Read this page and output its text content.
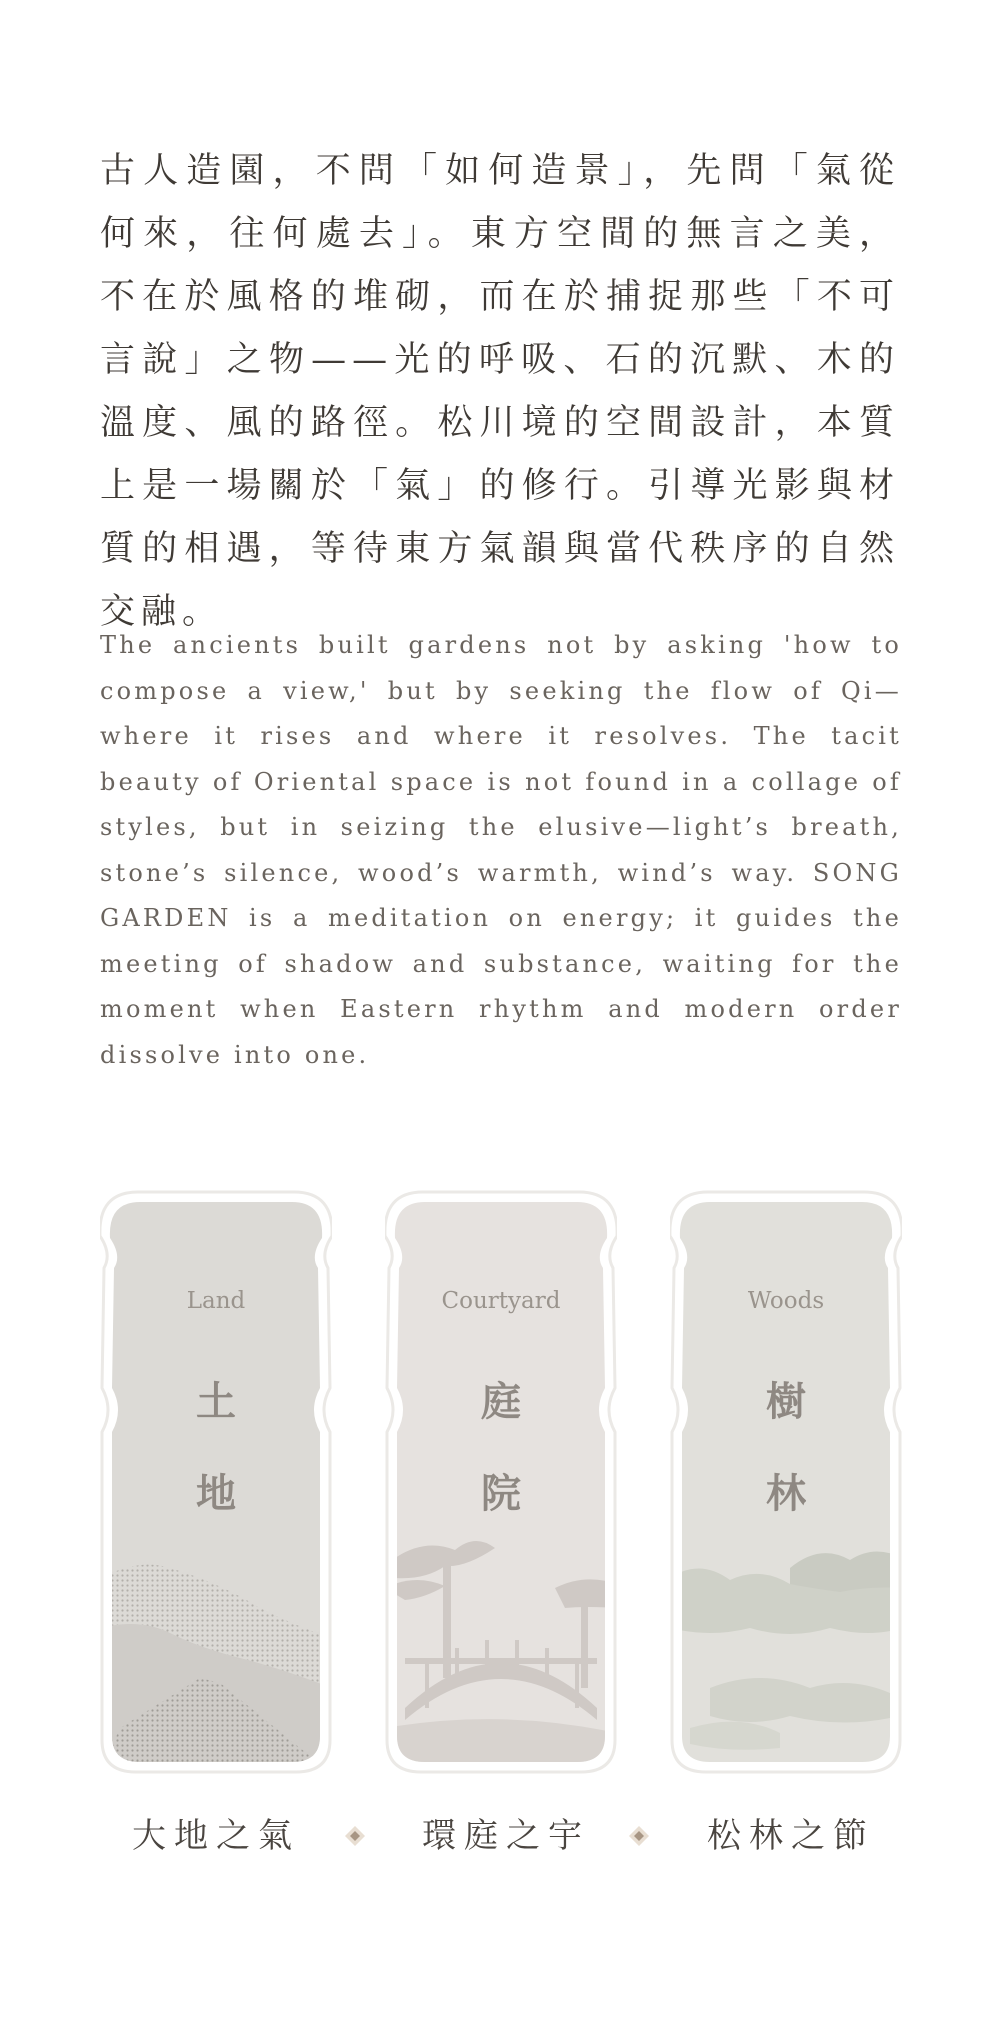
古人造園，不問「如何造景」，先問「氣從何來，往何處去」。東方空間的無言之美，不在於風格的堆砌，而在於捕捉那些「不可言說」之物——光的呼吸、石的沉默、木的溫度、風的路徑。松川境的空間設計，本質上是一場關於「氣」的修行。引導光影與材質的相遇，等待東方氣韻與當代秩序的自然交融。

The ancients built gardens not by asking 'how to compose a view,' but by seeking the flow of Qi—where it rises and where it resolves. The tacit beauty of Oriental space is not found in a collage of styles, but in seizing the elusive—light’s breath, stone’s silence, wood’s warmth, wind’s way. SONG GARDEN is a meditation on energy; it guides the meeting of shadow and substance, waiting for the moment when Eastern rhythm and modern order dissolve into one.

Land
土
地
Courtyard
庭
院
Woods
樹
林
大地之氣	環庭之宇	松林之節
